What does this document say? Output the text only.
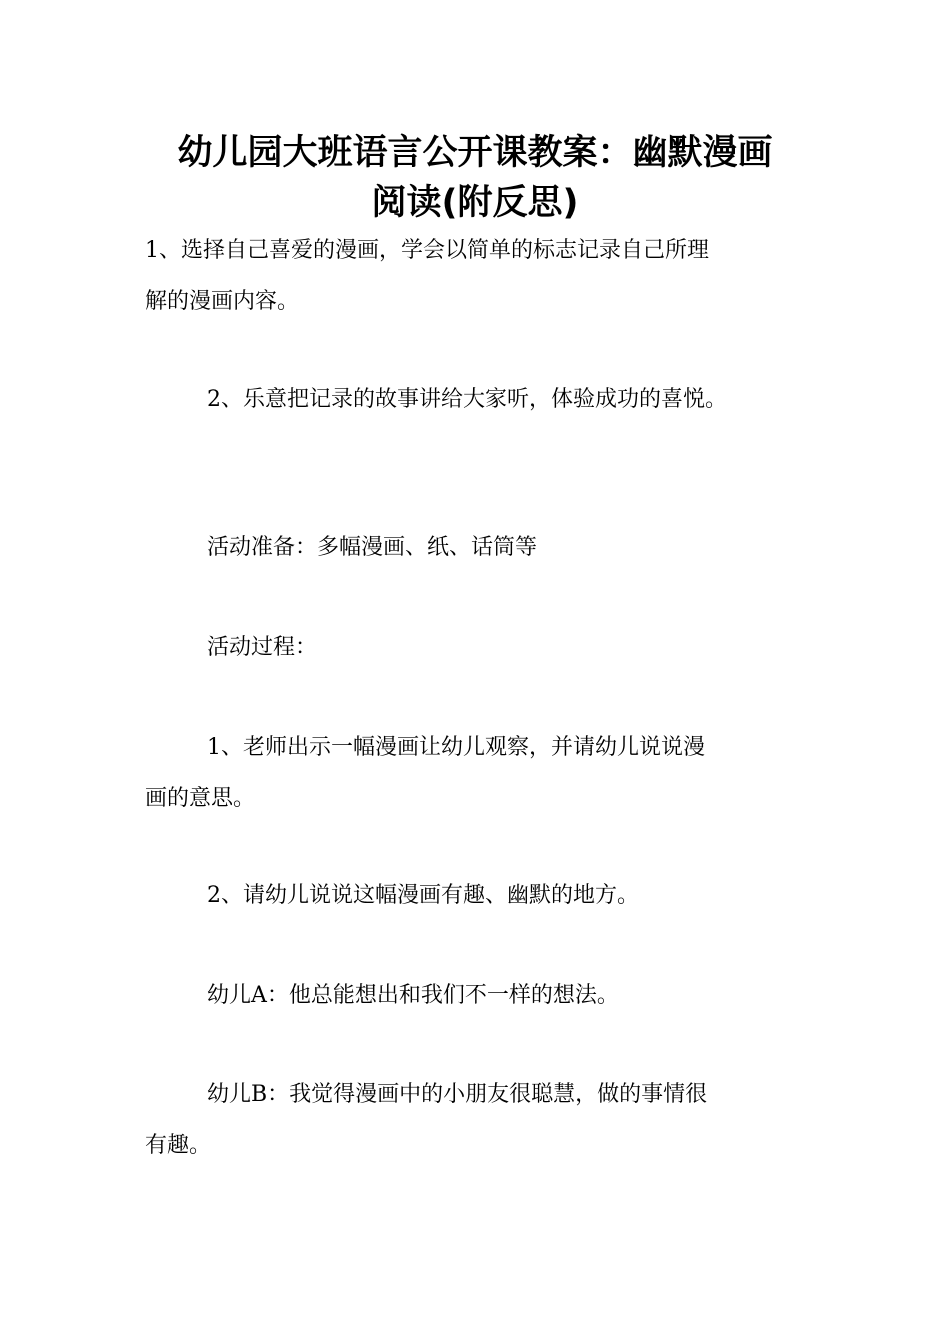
幼儿园大班语言公开课教案：幽默漫画
阅读(附反思)

1、选择自己喜爱的漫画，学会以简单的标志记录自己所理

解的漫画内容。

2、乐意把记录的故事讲给大家听，体验成功的喜悦。

活动准备：多幅漫画、纸、话筒等

活动过程：

1、老师出示一幅漫画让幼儿观察，并请幼儿说说漫

画的意思。

2、请幼儿说说这幅漫画有趣、幽默的地方。

幼儿A：他总能想出和我们不一样的想法。

幼儿B：我觉得漫画中的小朋友很聪慧，做的事情很

有趣。
